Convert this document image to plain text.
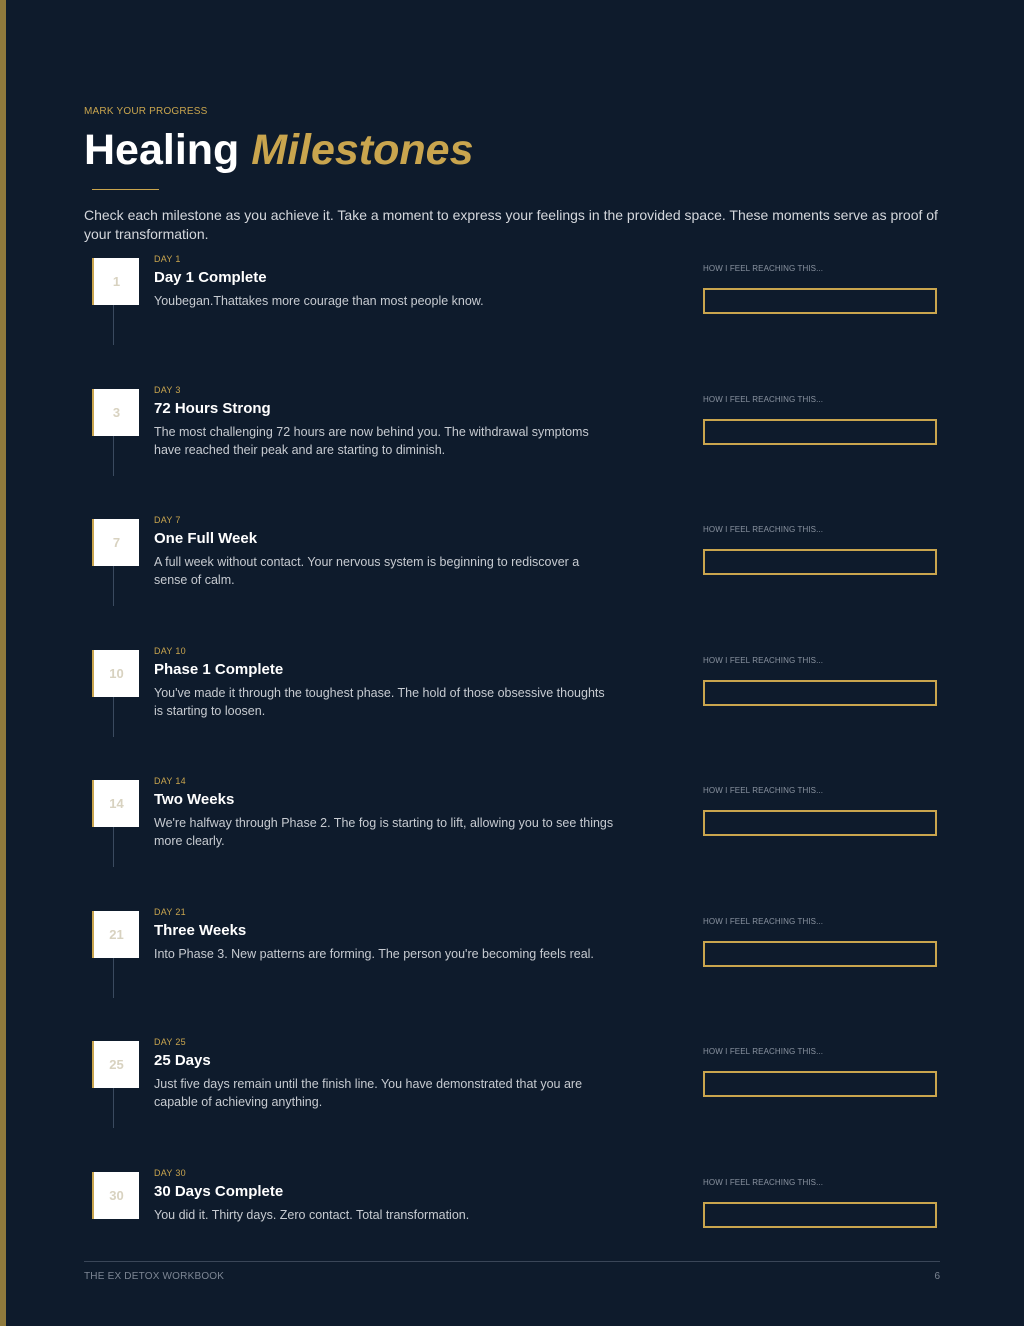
MARK YOUR PROGRESS
Healing Milestones

Check each milestone as you achieve it. Take a moment to express your feelings in the provided space. These moments serve as proof of your transformation.

1
DAY 1
Day 1 Complete

Youbegan.Thattakes more courage than most people know.

HOW I FEEL REACHING THIS...
3
DAY 3
72 Hours Strong

The most challenging 72 hours are now behind you. The withdrawal symptoms have reached their peak and are starting to diminish.

HOW I FEEL REACHING THIS...
7
DAY 7
One Full Week

A full week without contact. Your nervous system is beginning to rediscover a sense of calm.

HOW I FEEL REACHING THIS...
10
DAY 10
Phase 1 Complete

You've made it through the toughest phase. The hold of those obsessive thoughts is starting to loosen.

HOW I FEEL REACHING THIS...
14
DAY 14
Two Weeks

We're halfway through Phase 2. The fog is starting to lift, allowing you to see things more clearly.

HOW I FEEL REACHING THIS...
21
DAY 21
Three Weeks

Into Phase 3. New patterns are forming. The person you're becoming feels real.

HOW I FEEL REACHING THIS...
25
DAY 25
25 Days

Just five days remain until the finish line. You have demonstrated that you are capable of achieving anything.

HOW I FEEL REACHING THIS...
30
DAY 30
30 Days Complete

You did it. Thirty days. Zero contact. Total transformation.

HOW I FEEL REACHING THIS...
THE EX DETOX WORKBOOK	6
